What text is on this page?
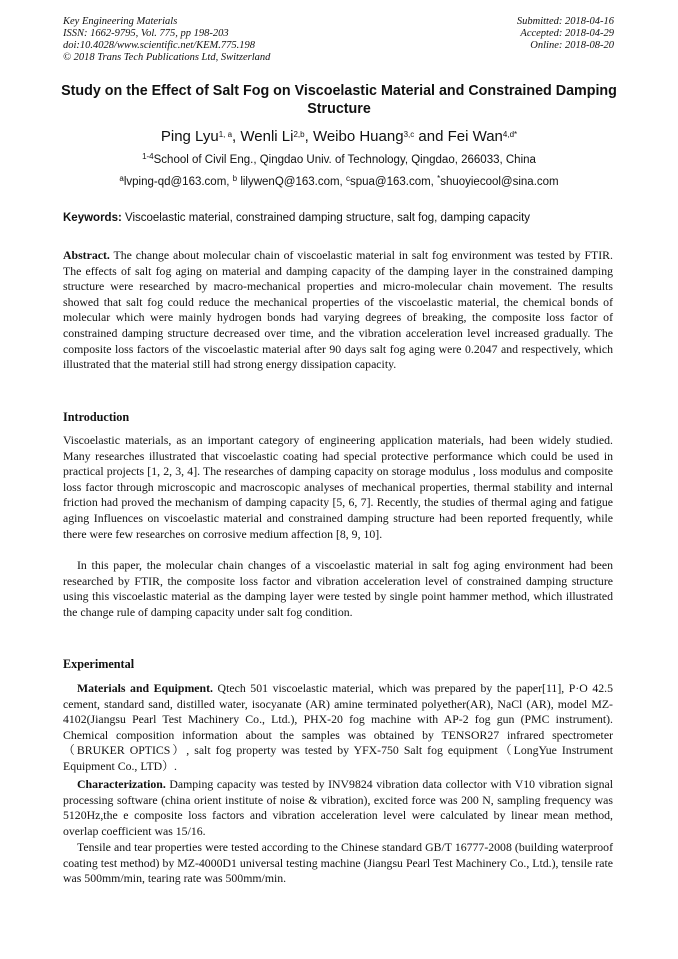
Key Engineering Materials
ISSN: 1662-9795, Vol. 775, pp 198-203
doi:10.4028/www.scientific.net/KEM.775.198
© 2018 Trans Tech Publications Ltd, Switzerland
Submitted: 2018-04-16
Accepted: 2018-04-29
Online: 2018-08-20
Study on the Effect of Salt Fog on Viscoelastic Material and Constrained Damping Structure
Ping Lyu$^{1, a}$, Wenli Li$^{2,b}$, Weibo Huang$^{3,c}$ and Fei Wan$^{4,d*}$
$^{1-4}$School of Civil Eng., Qingdao Univ. of Technology, Qingdao, 266033, China
$^a$lvping-qd@163.com, $^b$ lilywenQ@163.com, $^c$spua@163.com, *shuoyiecool@sina.com
Keywords: Viscoelastic material, constrained damping structure, salt fog, damping capacity
Abstract. The change about molecular chain of viscoelastic material in salt fog environment was tested by FTIR. The effects of salt fog aging on material and damping capacity of the damping layer in the constrained damping structure were researched by macro-mechanical properties and micro-molecular chain movement. The results showed that salt fog could reduce the mechanical properties of the viscoelastic material, the chemical bonds of molecular which were mainly hydrogen bonds had varying degrees of breaking, the composite loss factor of constrained damping structure decreased over time, and the vibration acceleration level increased gradually. The composite loss factors of the viscoelastic material after 90 days salt fog aging were 0.2047 and respectively, which illustrated that the material still had strong energy dissipation capacity.
Introduction
Viscoelastic materials, as an important category of engineering application materials, had been widely studied. Many researches illustrated that viscoelastic coating had special protective performance which could be used in practical projects [1, 2, 3, 4]. The researches of damping capacity on storage modulus , loss modulus and composite loss factor through microscopic and macroscopic analyses of mechanical properties, thermal stability and internal friction had proved the mechanism of damping capacity [5, 6, 7]. Recently, the studies of thermal aging and fatigue aging Influences on viscoelastic material and constrained damping structure had been reported frequently, while there were few researches on corrosive medium affection [8, 9, 10].
In this paper, the molecular chain changes of a viscoelastic material in salt fog aging environment had been researched by FTIR, the composite loss factor and vibration acceleration level of constrained damping structure using this viscoelastic material as the damping layer were tested by single point hammer method, which illustrated the change rule of damping capacity under salt fog condition.
Experimental
Materials and Equipment. Qtech 501 viscoelastic material, which was prepared by the paper[11], P·O 42.5 cement, standard sand, distilled water, isocyanate (AR) amine terminated polyether(AR), NaCl (AR), model MZ-4102(Jiangsu Pearl Test Machinery Co., Ltd.), PHX-20 fog machine with AP-2 fog gun (PMC instrument). Chemical composition information about the samples was obtained by TENSOR27 infrared spectrometer（BRUKER OPTICS）, salt fog property was tested by YFX-750 Salt fog equipment（LongYue Instrument Equipment Co., LTD）.
Characterization. Damping capacity was tested by INV9824 vibration data collector with V10 vibration signal processing software (china orient institute of noise & vibration), excited force was 200 N, sampling frequency was 5120Hz,the e composite loss factors and vibration acceleration level were calculated by linear mean method, overlap coefficient was 15/16.
Tensile and tear properties were tested according to the Chinese standard GB/T 16777-2008 (building waterproof coating test method) by MZ-4000D1 universal testing machine (Jiangsu Pearl Test Machinery Co., Ltd.), tensile rate was 500mm/min, tearing rate was 500mm/min.
